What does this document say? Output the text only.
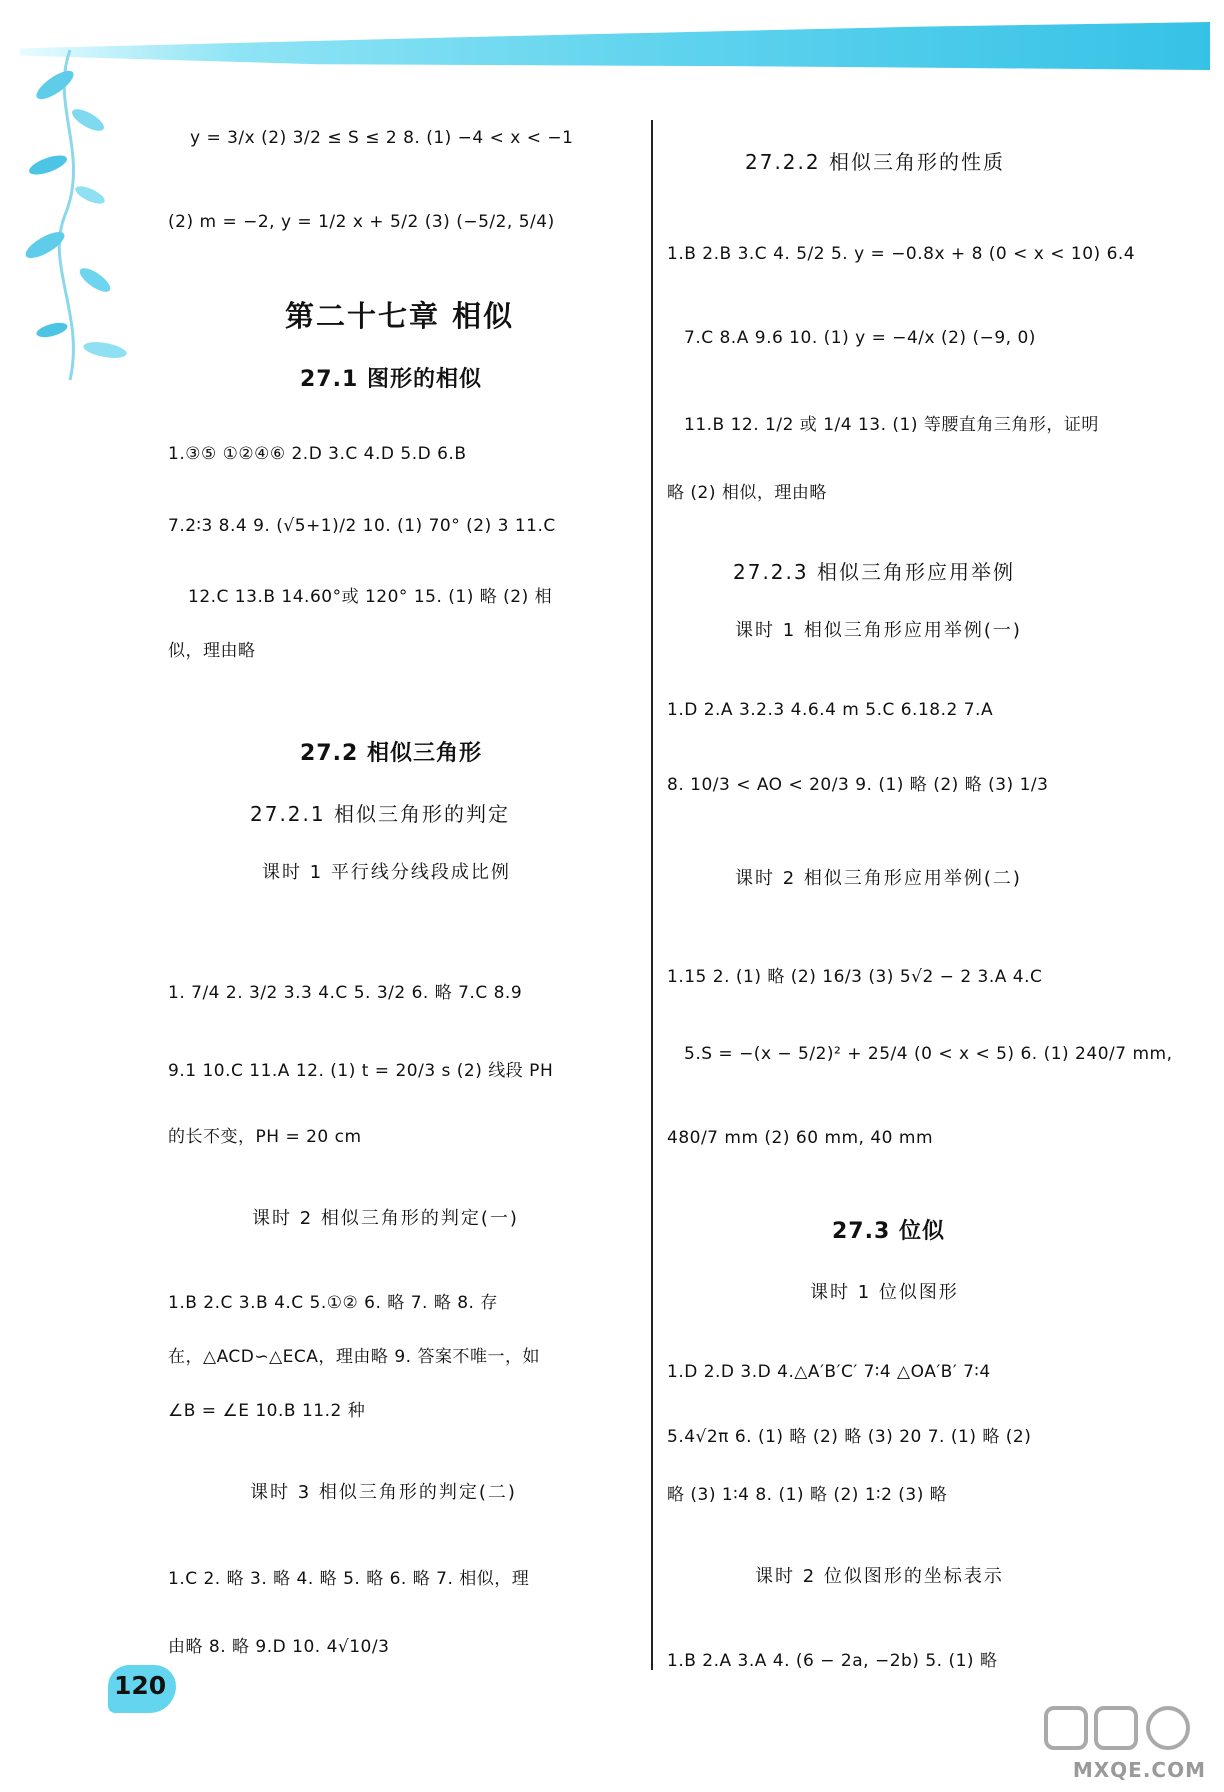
y = 3/x (2) 3/2 ≤ S ≤ 2 8. (1) −4 < x < −1
(2) m = −2, y = 1/2 x + 5/2 (3) (−5/2, 5/4)
1.③⑤ ①②④⑥ 2.D 3.C 4.D 5.D 6.B
7.2∶3 8.4 9. (√5+1)/2 10. (1) 70° (2) 3 11.C
12.C 13.B 14.60°或 120° 15. (1) 略 (2) 相
似，理由略
1. 7/4 2. 3/2 3.3 4.C 5. 3/2 6. 略 7.C 8.9
9.1 10.C 11.A 12. (1) t = 20/3 s (2) 线段 PH
的长不变，PH = 20 cm
1.B 2.C 3.B 4.C 5.①② 6. 略 7. 略 8. 存
在，△ACD∽△ECA，理由略 9. 答案不唯一，如
∠B = ∠E 10.B 11.2 种
1.C 2. 略 3. 略 4. 略 5. 略 6. 略 7. 相似，理
由略 8. 略 9.D 10. 4√10/3
第二十七章 相似
27.1 图形的相似
27.2 相似三角形
27.2.1 相似三角形的判定
课时 1 平行线分线段成比例
课时 2 相似三角形的判定(一)
课时 3 相似三角形的判定(二)
27.2.2 相似三角形的性质
27.2.3 相似三角形应用举例
课时 1 相似三角形应用举例(一)
课时 2 相似三角形应用举例(二)
27.3 位似
课时 1 位似图形
课时 2 位似图形的坐标表示
1.B 2.B 3.C 4. 5/2 5. y = −0.8x + 8 (0 < x < 10) 6.4
7.C 8.A 9.6 10. (1) y = −4/x (2) (−9, 0)
11.B 12. 1/2 或 1/4 13. (1) 等腰直角三角形，证明
略 (2) 相似，理由略
1.D 2.A 3.2.3 4.6.4 m 5.C 6.18.2 7.A
8. 10/3 < AO < 20/3 9. (1) 略 (2) 略 (3) 1/3
1.15 2. (1) 略 (2) 16/3 (3) 5√2 − 2 3.A 4.C
5.S = −(x − 5/2)² + 25/4 (0 < x < 5) 6. (1) 240/7 mm,
480/7 mm (2) 60 mm, 40 mm
1.D 2.D 3.D 4.△A′B′C′ 7∶4 △OA′B′ 7∶4
5.4√2π 6. (1) 略 (2) 略 (3) 20 7. (1) 略 (2)
略 (3) 1∶4 8. (1) 略 (2) 1∶2 (3) 略
1.B 2.A 3.A 4. (6 − 2a, −2b) 5. (1) 略
120
MXQE.COM
